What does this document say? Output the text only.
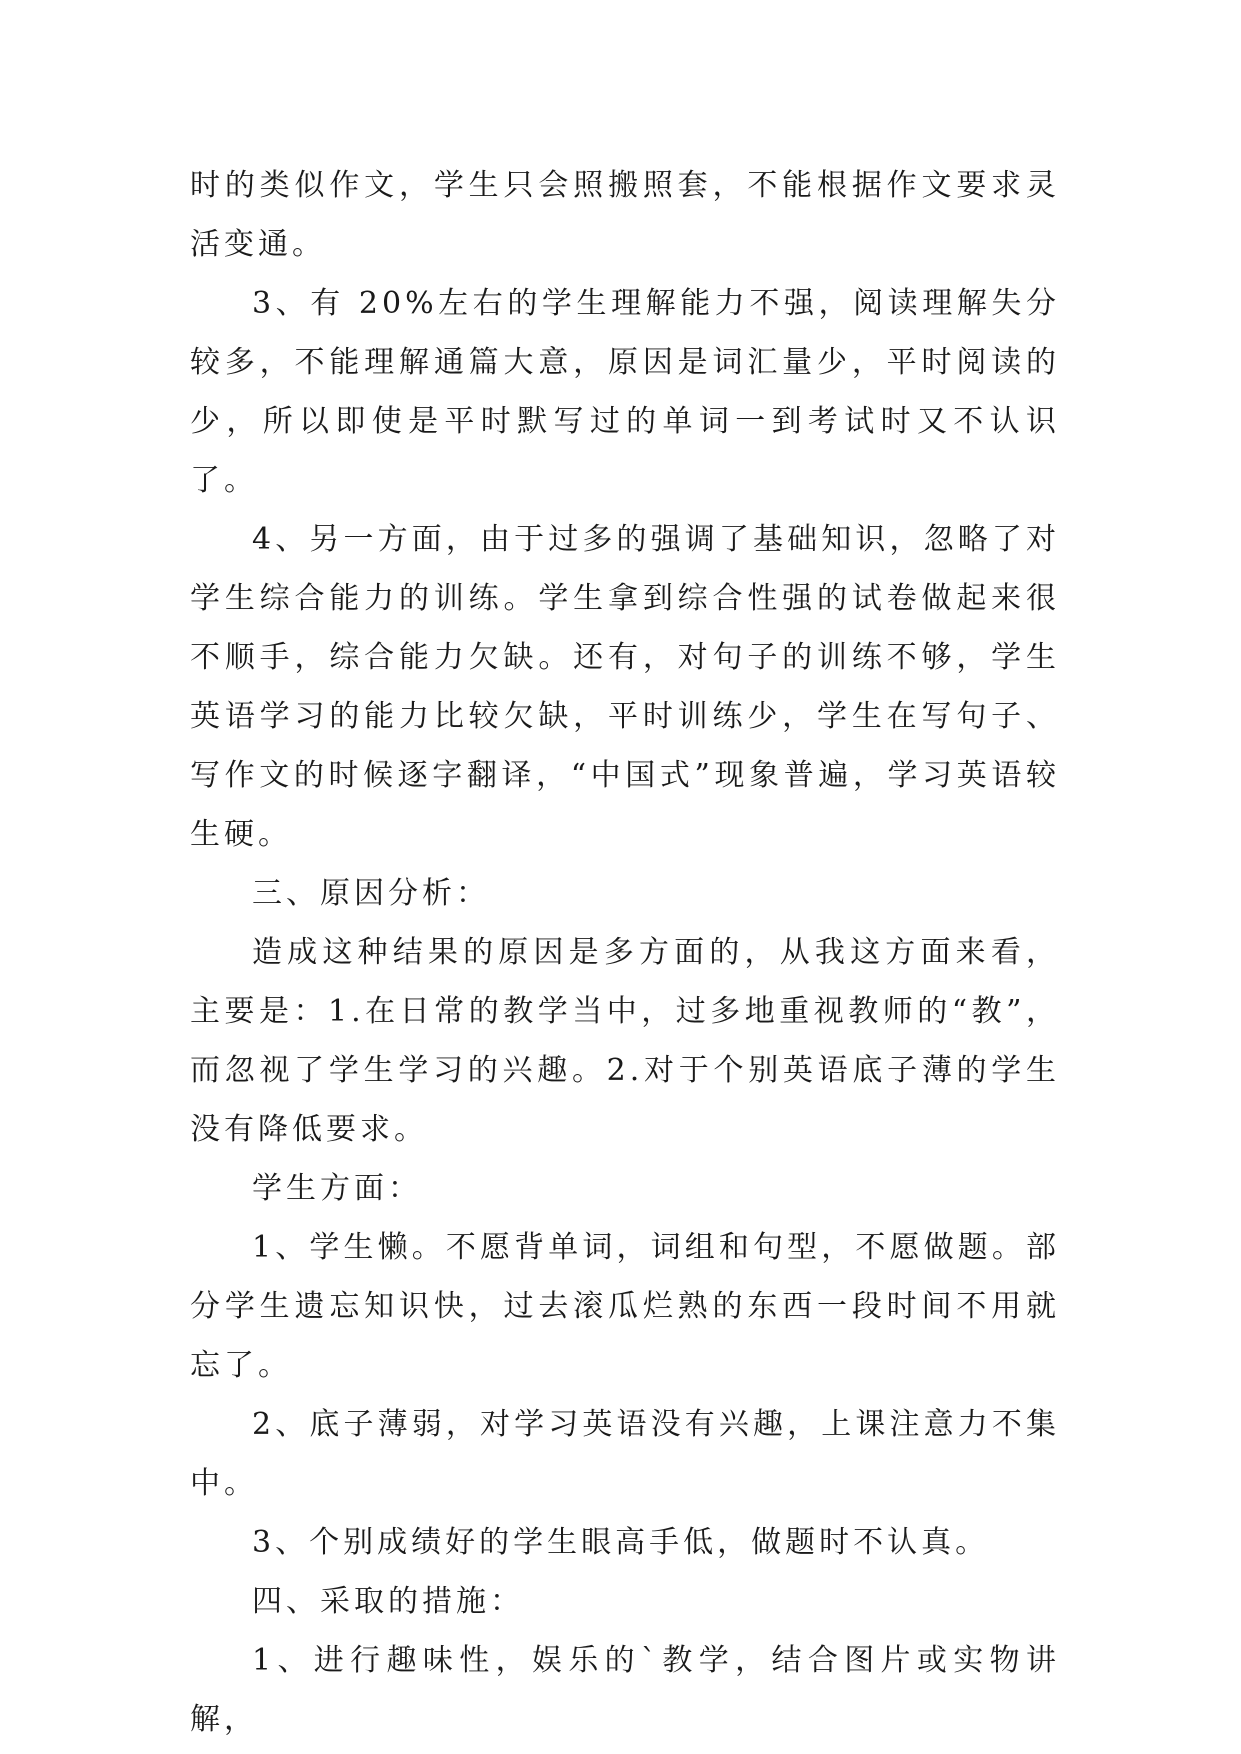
时的类似作文，学生只会照搬照套，不能根据作文要求灵活变通。

3、有 20%左右的学生理解能力不强，阅读理解失分较多，不能理解通篇大意，原因是词汇量少，平时阅读的少，所以即使是平时默写过的单词一到考试时又不认识了。

4、另一方面，由于过多的强调了基础知识，忽略了对学生综合能力的训练。学生拿到综合性强的试卷做起来很不顺手，综合能力欠缺。还有，对句子的训练不够，学生英语学习的能力比较欠缺，平时训练少，学生在写句子、写作文的时候逐字翻译，“中国式”现象普遍，学习英语较生硬。

三、原因分析：

造成这种结果的原因是多方面的，从我这方面来看，主要是：1.在日常的教学当中，过多地重视教师的“教”，而忽视了学生学习的兴趣。2.对于个别英语底子薄的学生没有降低要求。

学生方面：

1、学生懒。不愿背单词，词组和句型，不愿做题。部分学生遗忘知识快，过去滚瓜烂熟的东西一段时间不用就忘了。

2、底子薄弱，对学习英语没有兴趣，上课注意力不集中。

3、个别成绩好的学生眼高手低，做题时不认真。

四、采取的措施：

1、进行趣味性，娱乐的`教学，结合图片或实物讲解，
